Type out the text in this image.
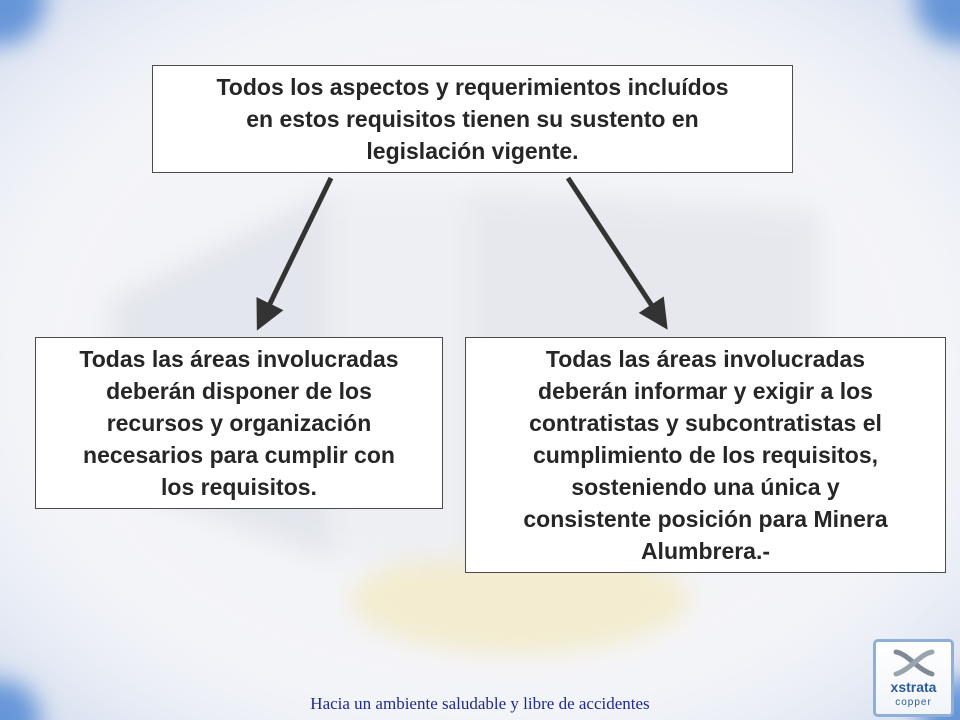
Todos los aspectos y requerimientos incluídos
en estos requisitos tienen su sustento en
legislación vigente.
Todas las áreas involucradas
deberán disponer de los
recursos y organización
necesarios para cumplir con
los requisitos.
Todas las áreas involucradas
deberán informar y exigir a los
contratistas y subcontratistas el
cumplimiento de los requisitos,
sosteniendo una única y
consistente posición para Minera
Alumbrera.-
Hacia un ambiente saludable y libre de accidentes
xstrata
copper
